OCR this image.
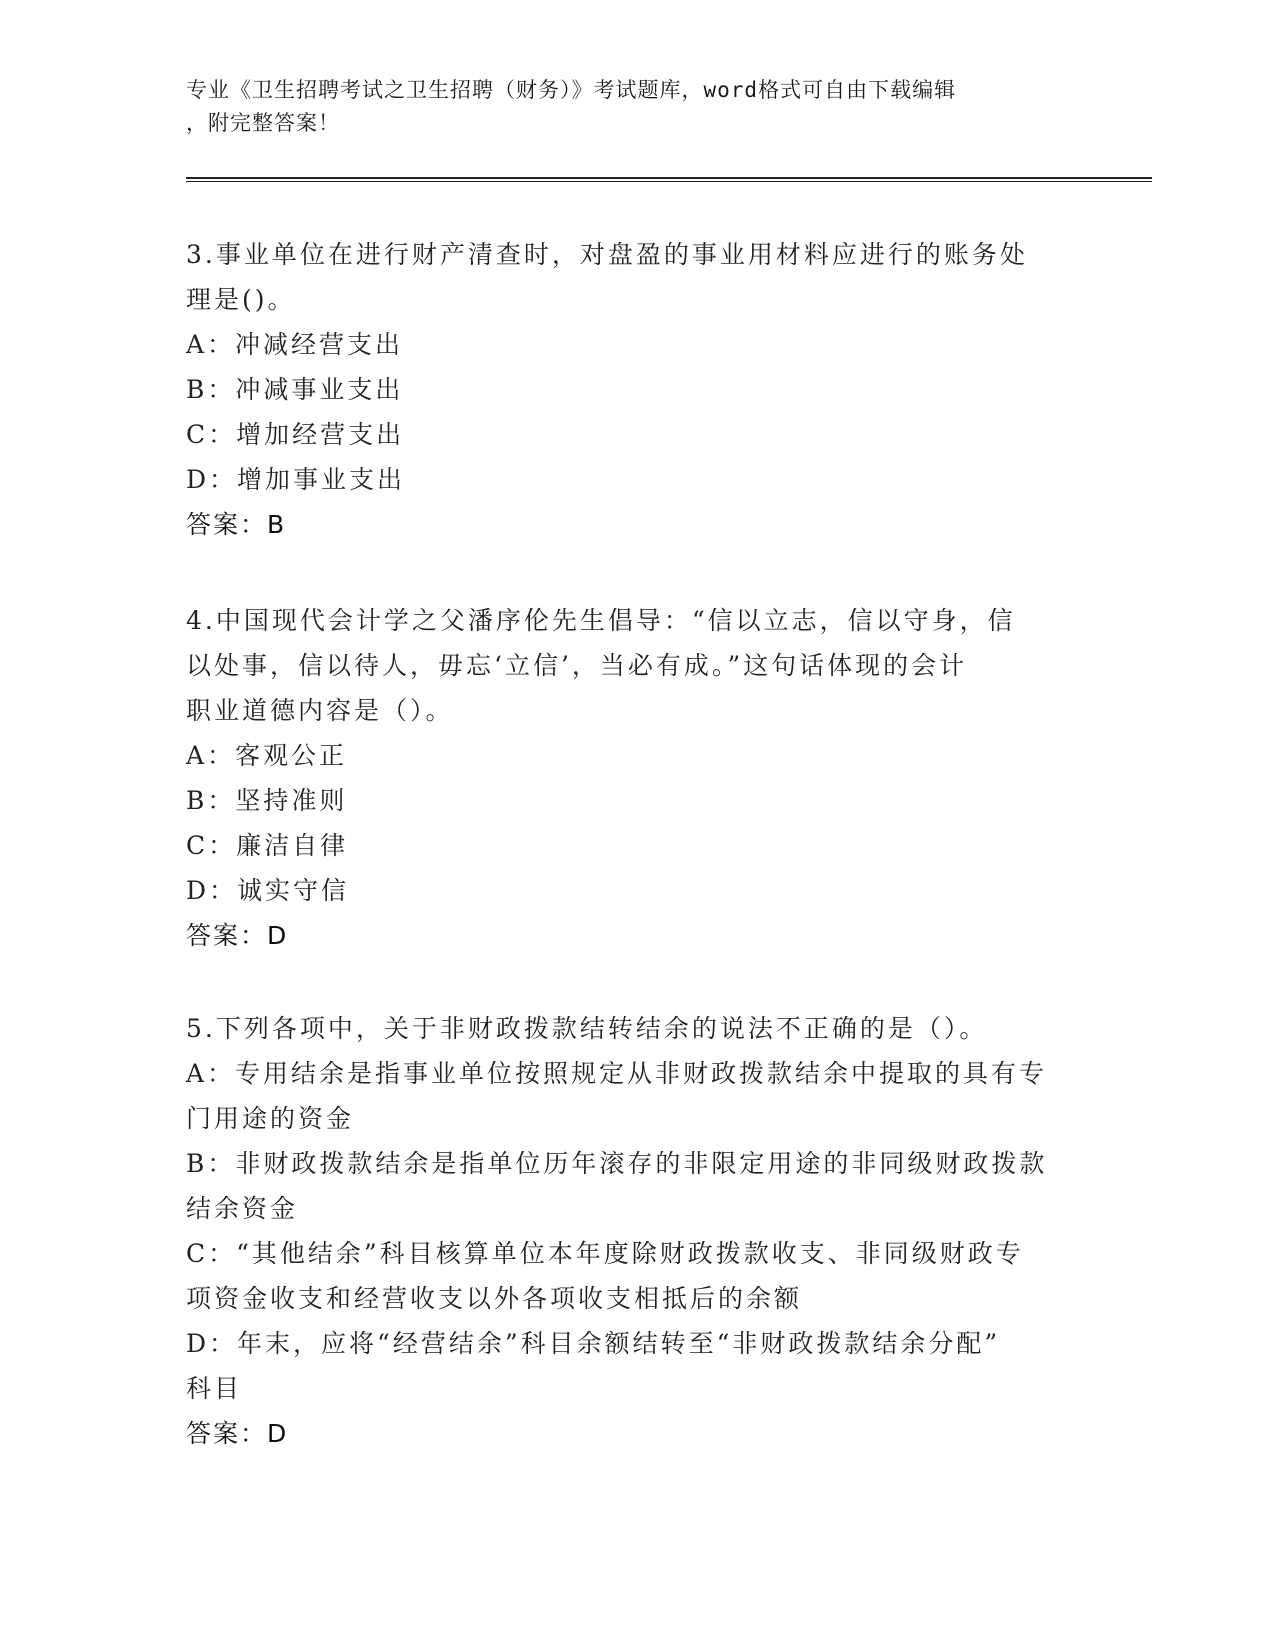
专业《卫生招聘考试之卫生招聘（财务）》考试题库，word格式可自由下载编辑
，附完整答案！
3.事业单位在进行财产清查时，对盘盈的事业用材料应进行的账务处
理是()。
A：冲减经营支出
B：冲减事业支出
C：增加经营支出
D：增加事业支出
答案：B
4.中国现代会计学之父潘序伦先生倡导：“信以立志，信以守身，信
以处事，信以待人，毋忘‘立信’，当必有成。”这句话体现的会计
职业道德内容是（）。
A：客观公正
B：坚持准则
C：廉洁自律
D：诚实守信
答案：D
5.下列各项中，关于非财政拨款结转结余的说法不正确的是（）。
A：专用结余是指事业单位按照规定从非财政拨款结余中提取的具有专
门用途的资金
B：非财政拨款结余是指单位历年滚存的非限定用途的非同级财政拨款
结余资金
C：“其他结余”科目核算单位本年度除财政拨款收支、非同级财政专
项资金收支和经营收支以外各项收支相抵后的余额
D：年末，应将“经营结余”科目余额结转至“非财政拨款结余分配”
科目
答案：D
